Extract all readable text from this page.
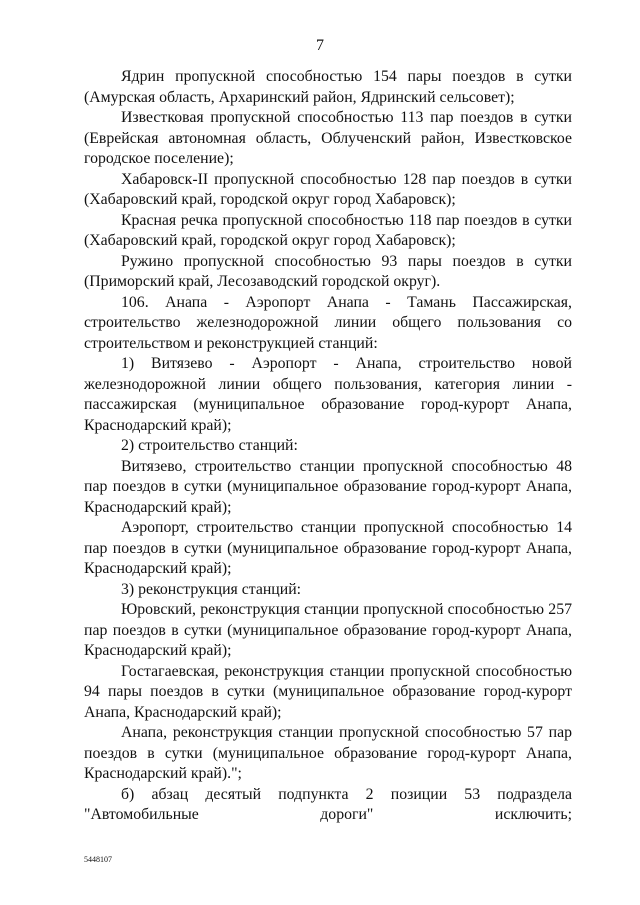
7

Ядрин пропускной способностью 154 пары поездов в сутки (Амурская область, Архаринский район, Ядринский сельсовет);

Известковая пропускной способностью 113 пар поездов в сутки (Еврейская автономная область, Облученский район, Известковское городское поселение);

Хабаровск-II пропускной способностью 128 пар поездов в сутки (Хабаровский край, городской округ город Хабаровск);

Красная речка пропускной способностью 118 пар поездов в сутки (Хабаровский край, городской округ город Хабаровск);

Ружино пропускной способностью 93 пары поездов в сутки (Приморский край, Лесозаводский городской округ).

106. Анапа - Аэропорт Анапа - Тамань Пассажирская, строительство железнодорожной линии общего пользования со строительством и реконструкцией станций:

1) Витязево - Аэропорт - Анапа, строительство новой железнодорожной линии общего пользования, категория линии - пассажирская (муниципальное образование город-курорт Анапа, Краснодарский край);

2) строительство станций:

Витязево, строительство станции пропускной способностью 48 пар поездов в сутки (муниципальное образование город-курорт Анапа, Краснодарский край);

Аэропорт, строительство станции пропускной способностью 14 пар поездов в сутки (муниципальное образование город-курорт Анапа, Краснодарский край);

3) реконструкция станций:

Юровский, реконструкция станции пропускной способностью 257 пар поездов в сутки (муниципальное образование город-курорт Анапа, Краснодарский край);

Гостагаевская, реконструкция станции пропускной способностью 94 пары поездов в сутки (муниципальное образование город-курорт Анапа, Краснодарский край);

Анапа, реконструкция станции пропускной способностью 57 пар поездов в сутки (муниципальное образование город-курорт Анапа, Краснодарский край).";

б) абзац десятый подпункта 2 позиции 53 подраздела "Автомобильные дороги" исключить;

5448107
